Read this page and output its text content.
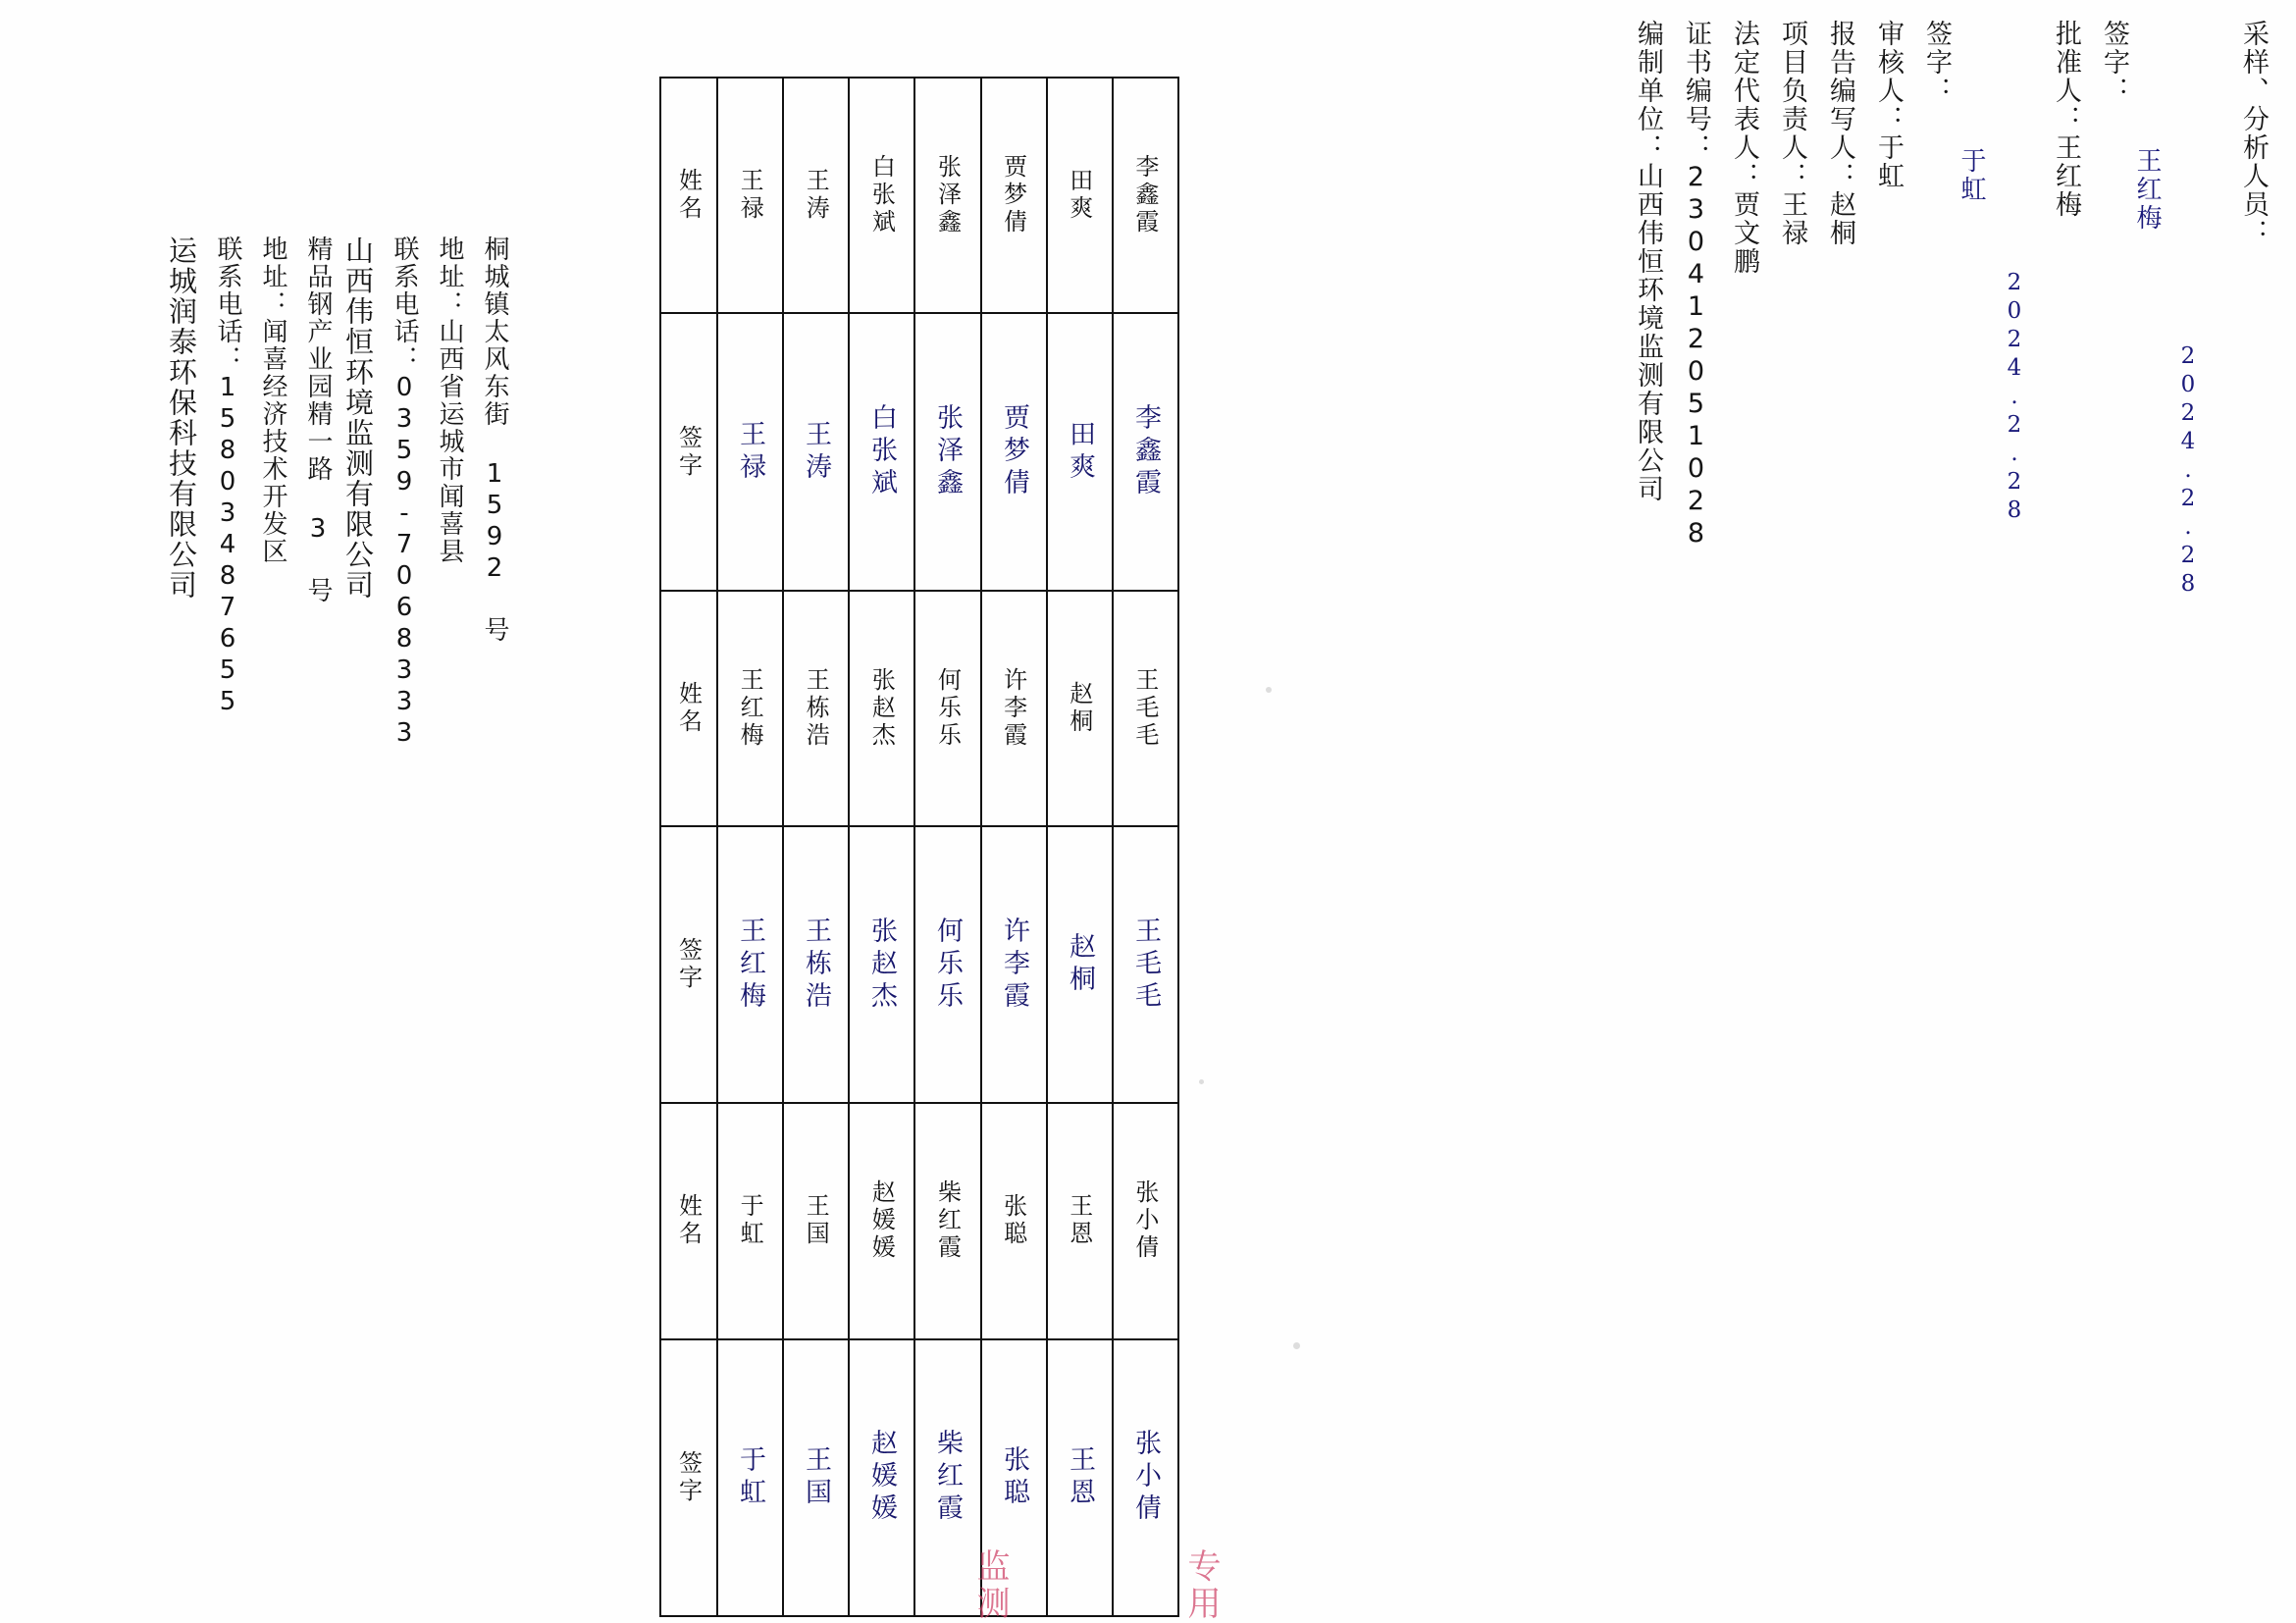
编制单位：山西伟恒环境监测有限公司 证书编号：230412051028 法定代表人：贾文鹏 项目负责人：王禄 报告编写人：赵桐 审核人：于虹 签字：
于虹
2024.2.28
批准人：王红梅 签字：
王红梅
2024.2.28
采样、分析人员：
姓名	王禄	王涛	白张斌	张泽鑫	贾梦倩	田爽	李鑫霞

签字	王禄	王涛	白张斌	张泽鑫	贾梦倩	田爽	李鑫霞

姓名	王红梅	王栋浩	张赵杰	何乐乐	许李霞	赵桐	王毛毛

签字	王红梅	王栋浩	张赵杰	何乐乐	许李霞	赵桐	王毛毛

姓名	于虹	王国	赵媛媛	柴红霞	张聪	王恩	张小倩

签字	于虹	王国	赵媛媛	柴红霞	张聪	王恩	张小倩
山西伟恒环境监测有限公司 联系电话：0359-7068333 地址：山西省运城市闻喜县 桐城镇太风东街 1592 号
运城润泰环保科技有限公司 联系电话：15803487655 地址：闻喜经济技术开发区 精品钢产业园精一路 3 号
监测	专用
